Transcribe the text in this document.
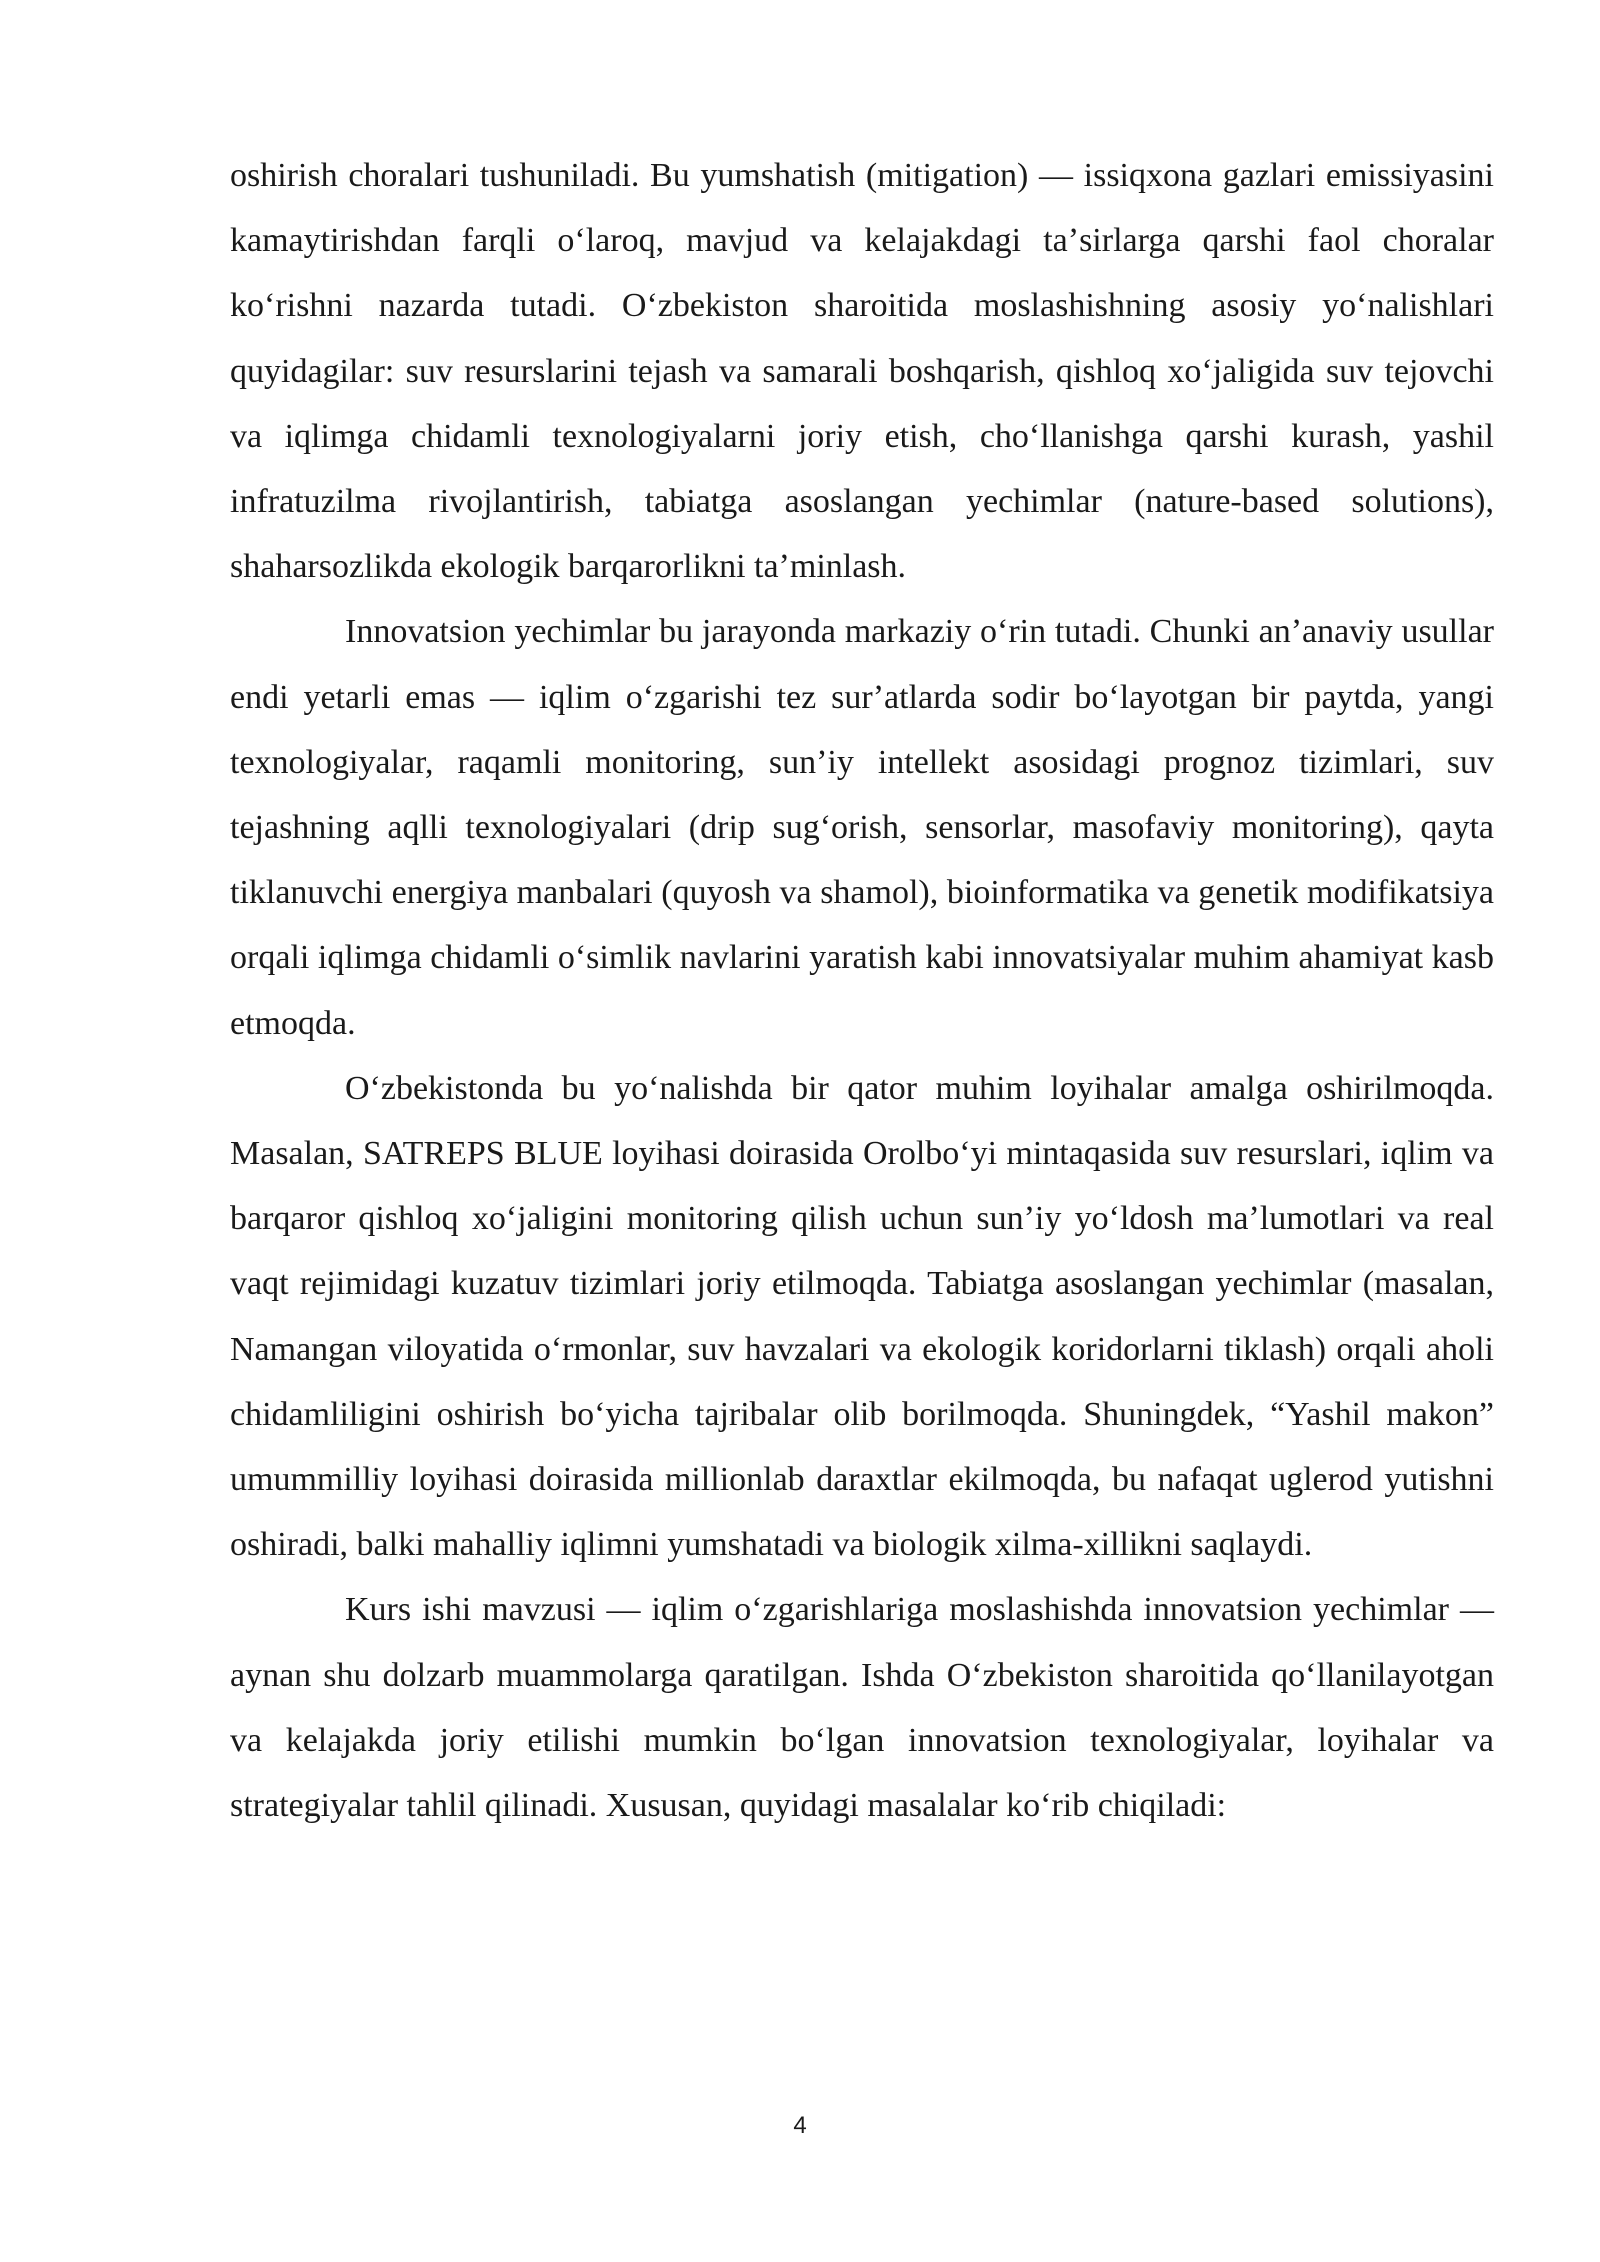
oshirish choralari tushuniladi. Bu yumshatish (mitigation) — issiqxona gazlari emissiyasini kamaytirishdan farqli oʻlaroq, mavjud va kelajakdagi taʼsirlarga qarshi faol choralar koʻrishni nazarda tutadi. Oʻzbekiston sharoitida moslashishning asosiy yoʻnalishlari quyidagilar: suv resurslarini tejash va samarali boshqarish, qishloq xoʻjaligida suv tejovchi va iqlimga chidamli texnologiyalarni joriy etish, choʻllanishga qarshi kurash, yashil infratuzilma rivojlantirish, tabiatga asoslangan yechimlar (nature-based solutions), shaharsozlikda ekologik barqarorlikni taʼminlash.

Innovatsion yechimlar bu jarayonda markaziy oʻrin tutadi. Chunki anʼanaviy usullar endi yetarli emas — iqlim oʻzgarishi tez surʼatlarda sodir boʻlayotgan bir paytda, yangi texnologiyalar, raqamli monitoring, sunʼiy intellekt asosidagi prognoz tizimlari, suv tejashning aqlli texnologiyalari (drip sugʻorish, sensorlar, masofaviy monitoring), qayta tiklanuvchi energiya manbalari (quyosh va shamol), bioinformatika va genetik modifikatsiya orqali iqlimga chidamli oʻsimlik navlarini yaratish kabi innovatsiyalar muhim ahamiyat kasb etmoqda.

Oʻzbekistonda bu yoʻnalishda bir qator muhim loyihalar amalga oshirilmoqda. Masalan, SATREPS BLUE loyihasi doirasida Orolboʻyi mintaqasida suv resurslari, iqlim va barqaror qishloq xoʻjaligini monitoring qilish uchun sunʼiy yoʻldosh maʼlumotlari va real vaqt rejimidagi kuzatuv tizimlari joriy etilmoqda. Tabiatga asoslangan yechimlar (masalan, Namangan viloyatida oʻrmonlar, suv havzalari va ekologik koridorlarni tiklash) orqali aholi chidamliligini oshirish boʻyicha tajribalar olib borilmoqda. Shuningdek, “Yashil makon” umummilliy loyihasi doirasida millionlab daraxtlar ekilmoqda, bu nafaqat uglerod yutishni oshiradi, balki mahalliy iqlimni yumshatadi va biologik xilma-xillikni saqlaydi.

Kurs ishi mavzusi — iqlim oʻzgarishlariga moslashishda innovatsion yechimlar — aynan shu dolzarb muammolarga qaratilgan. Ishda Oʻzbekiston sharoitida qoʻllanilayotgan va kelajakda joriy etilishi mumkin boʻlgan innovatsion texnologiyalar, loyihalar va strategiyalar tahlil qilinadi. Xususan, quyidagi masalalar koʻrib chiqiladi:

4
